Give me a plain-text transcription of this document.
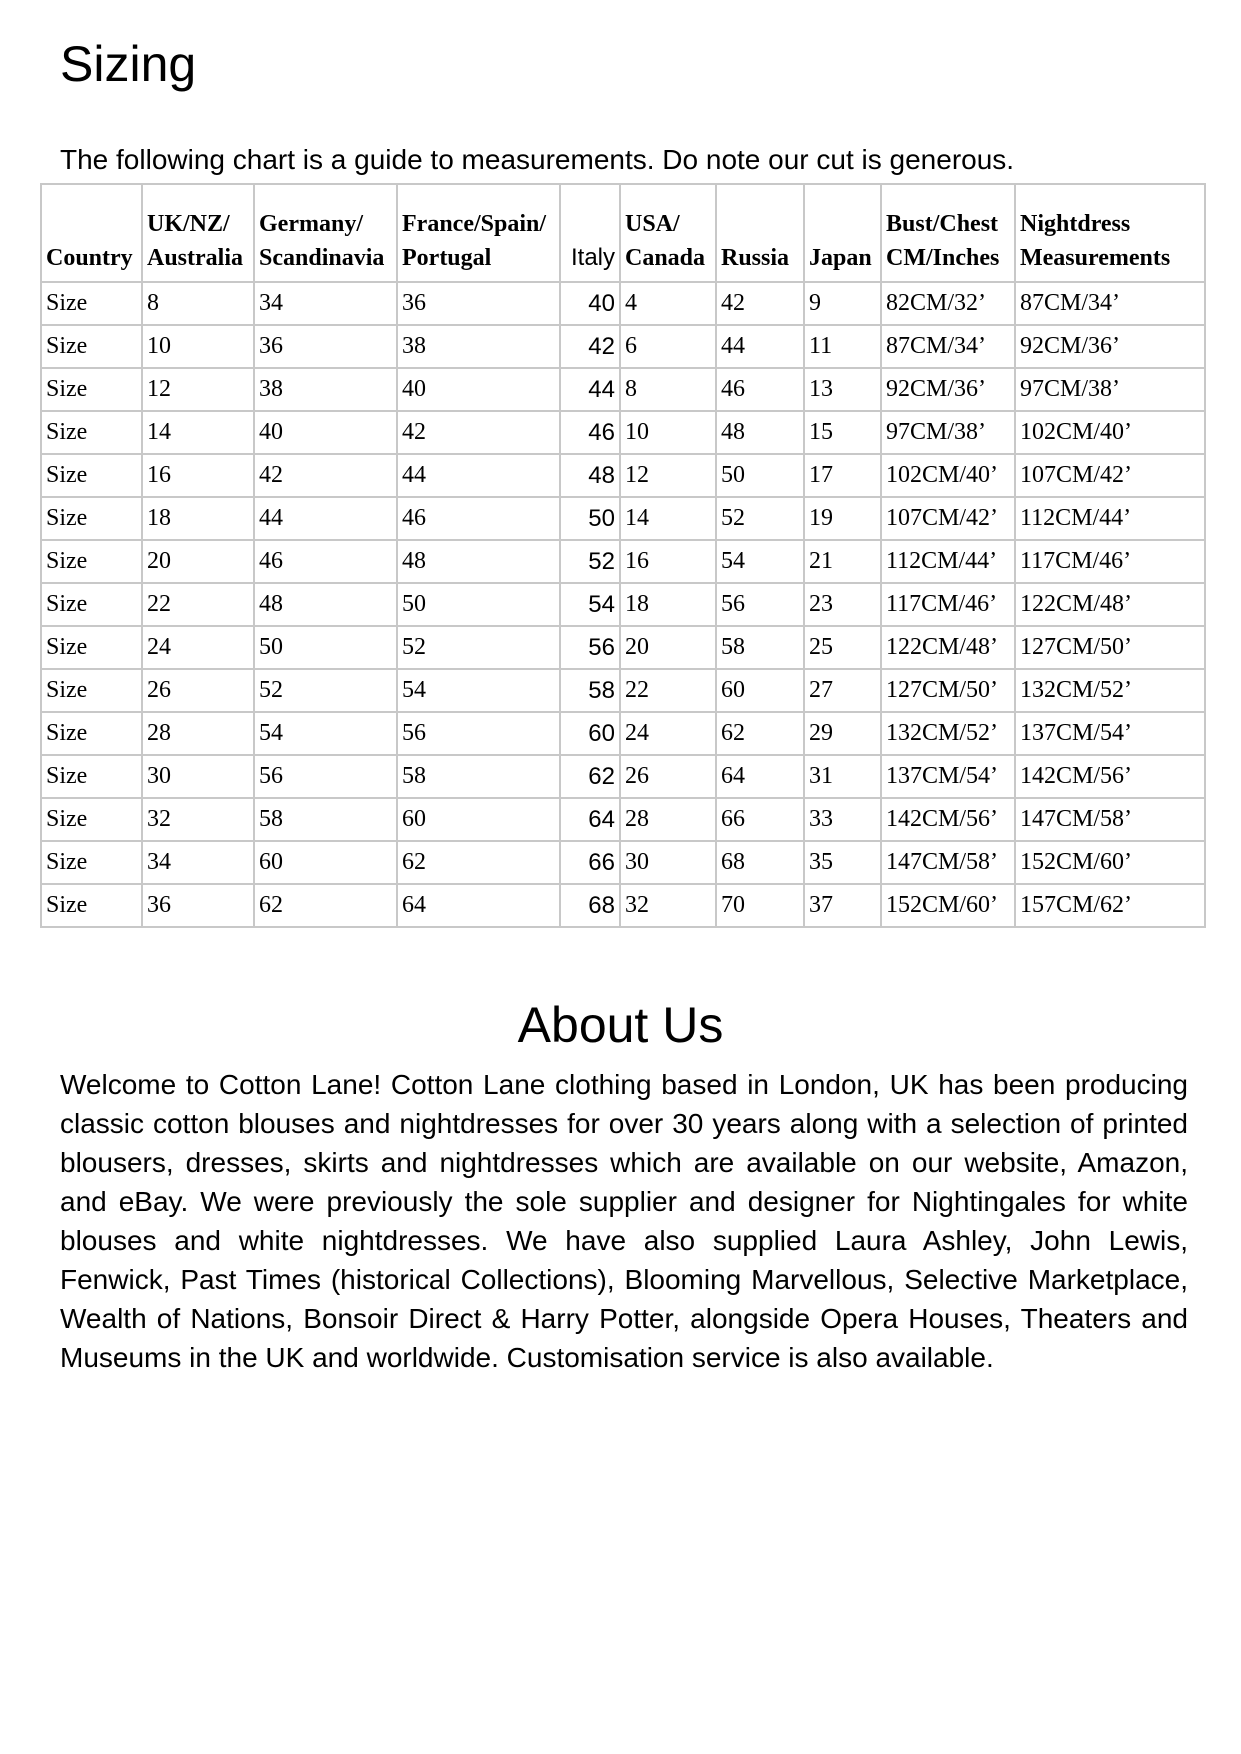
Sizing

The following chart is a guide to measurements. Do note our cut is generous.

Country	UK/NZ/ Australia	Germany/ Scandinavia	France/Spain/ Portugal	Italy	USA/ Canada	Russia	Japan	Bust/Chest CM/Inches	Nightdress Measurements
Size	8	34	36	40	4	42	9	82CM/32’	87CM/34’
Size	10	36	38	42	6	44	11	87CM/34’	92CM/36’
Size	12	38	40	44	8	46	13	92CM/36’	97CM/38’
Size	14	40	42	46	10	48	15	97CM/38’	102CM/40’
Size	16	42	44	48	12	50	17	102CM/40’	107CM/42’
Size	18	44	46	50	14	52	19	107CM/42’	112CM/44’
Size	20	46	48	52	16	54	21	112CM/44’	117CM/46’
Size	22	48	50	54	18	56	23	117CM/46’	122CM/48’
Size	24	50	52	56	20	58	25	122CM/48’	127CM/50’
Size	26	52	54	58	22	60	27	127CM/50’	132CM/52’
Size	28	54	56	60	24	62	29	132CM/52’	137CM/54’
Size	30	56	58	62	26	64	31	137CM/54’	142CM/56’
Size	32	58	60	64	28	66	33	142CM/56’	147CM/58’
Size	34	60	62	66	30	68	35	147CM/58’	152CM/60’
Size	36	62	64	68	32	70	37	152CM/60’	157CM/62’
About Us

Welcome to Cotton Lane! Cotton Lane clothing based in London, UK has been producing classic cotton blouses and nightdresses for over 30 years along with a selection of printed blousers, dresses, skirts and nightdresses which are available on our website, Amazon, and eBay. We were previously the sole supplier and designer for Nightingales for white blouses and white nightdresses. We have also supplied Laura Ashley, John Lewis, Fenwick, Past Times (historical Collections), Blooming Marvellous, Selective Marketplace, Wealth of Nations, Bonsoir Direct & Harry Potter, alongside Opera Houses, Theaters and Museums in the UK and worldwide. Customisation service is also available.
